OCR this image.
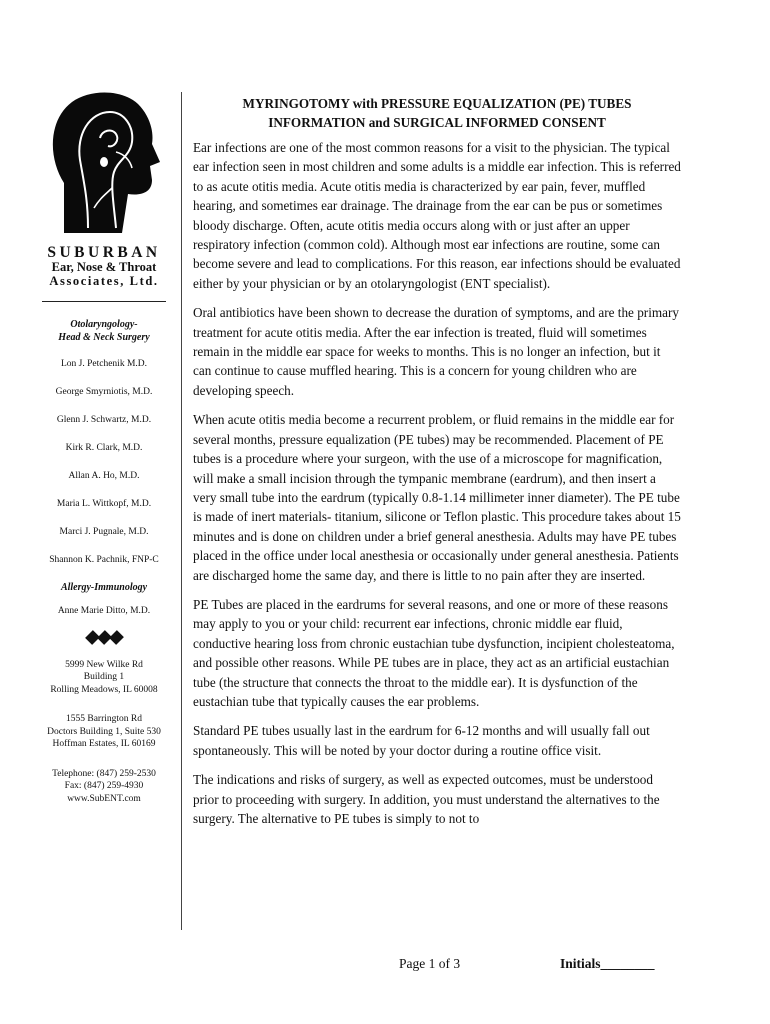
SUBURBAN
Ear, Nose & Throat
Associates, Ltd.
Otolaryngology-
Head & Neck Surgery
Lon J. Petchenik M.D.
George Smyrniotis, M.D.
Glenn J. Schwartz, M.D.
Kirk R. Clark, M.D.
Allan A. Ho, M.D.
Maria L. Wittkopf, M.D.
Marci J. Pugnale, M.D.
Shannon K. Pachnik, FNP-C
Allergy-Immunology
Anne Marie Ditto, M.D.
5999 New Wilke Rd
Building 1
Rolling Meadows, IL 60008
1555 Barrington Rd
Doctors Building 1, Suite 530
Hoffman Estates, IL 60169
Telephone: (847) 259-2530
Fax: (847) 259-4930
www.SubENT.com
MYRINGOTOMY with PRESSURE EQUALIZATION (PE) TUBES
INFORMATION and SURGICAL INFORMED CONSENT

Ear infections are one of the most common reasons for a visit to the physician. The typical ear infection seen in most children and some adults is a middle ear infection. This is referred to as acute otitis media. Acute otitis media is characterized by ear pain, fever, muffled hearing, and sometimes ear drainage. The drainage from the ear can be pus or sometimes bloody discharge. Often, acute otitis media occurs along with or just after an upper respiratory infection (common cold). Although most ear infections are routine, some can become severe and lead to complications. For this reason, ear infections should be evaluated either by your physician or by an otolaryngologist (ENT specialist).

Oral antibiotics have been shown to decrease the duration of symptoms, and are the primary treatment for acute otitis media. After the ear infection is treated, fluid will sometimes remain in the middle ear space for weeks to months. This is no longer an infection, but it can continue to cause muffled hearing. This is a concern for young children who are developing speech.

When acute otitis media become a recurrent problem, or fluid remains in the middle ear for several months, pressure equalization (PE tubes) may be recommended. Placement of PE tubes is a procedure where your surgeon, with the use of a microscope for magnification, will make a small incision through the tympanic membrane (eardrum), and then insert a very small tube into the eardrum (typically 0.8-1.14 millimeter inner diameter). The PE tube is made of inert materials- titanium, silicone or Teflon plastic. This procedure takes about 15 minutes and is done on children under a brief general anesthesia. Adults may have PE tubes placed in the office under local anesthesia or occasionally under general anesthesia. Patients are discharged home the same day, and there is little to no pain after they are inserted.

PE Tubes are placed in the eardrums for several reasons, and one or more of these reasons may apply to you or your child: recurrent ear infections, chronic middle ear fluid, conductive hearing loss from chronic eustachian tube dysfunction, incipient cholesteatoma, and possible other reasons. While PE tubes are in place, they act as an artificial eustachian tube (the structure that connects the throat to the middle ear). It is dysfunction of the eustachian tube that typically causes the ear problems.

Standard PE tubes usually last in the eardrum for 6-12 months and will usually fall out spontaneously. This will be noted by your doctor during a routine office visit.

The indications and risks of surgery, as well as expected outcomes, must be understood prior to proceeding with surgery. In addition, you must understand the alternatives to the surgery. The alternative to PE tubes is simply to not to

Page 1 of 3	Initials________
